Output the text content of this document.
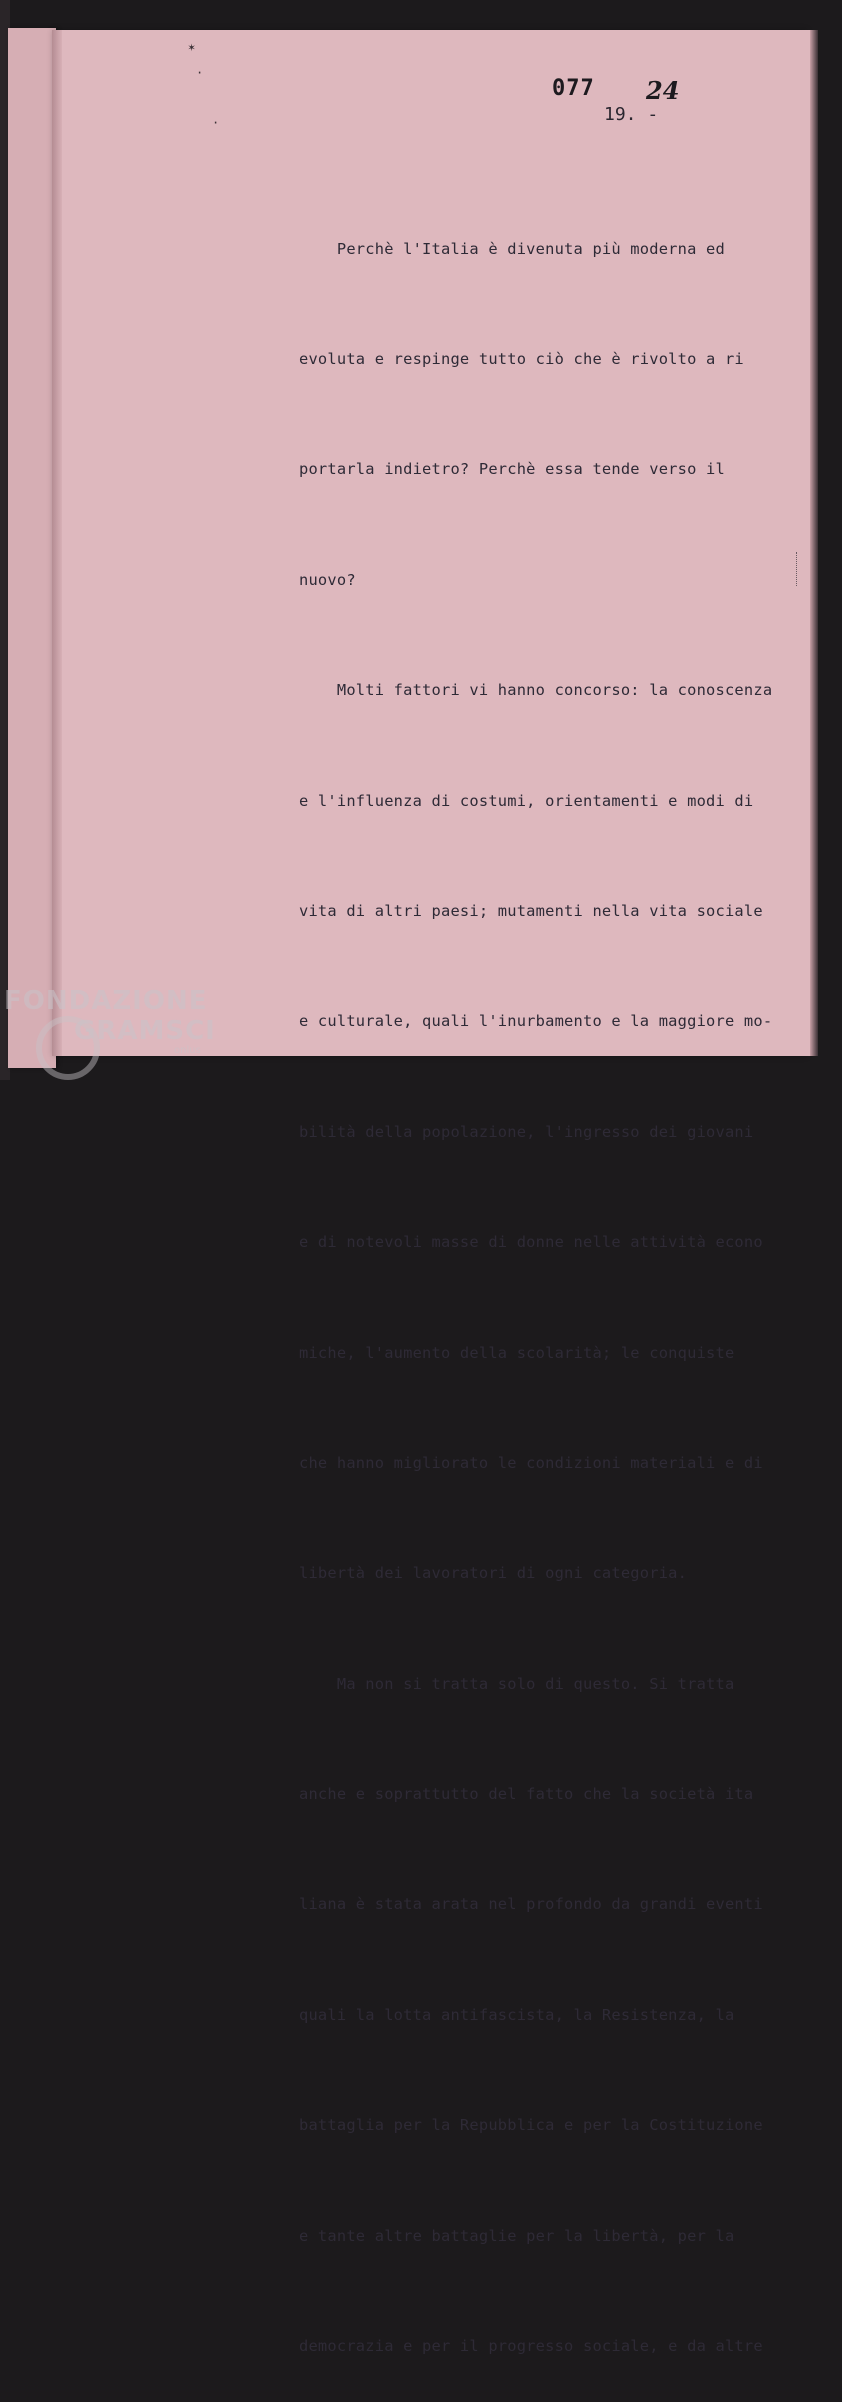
✶
·
·
077 24
19. -

Perchè l'Italia è divenuta più moderna ed

evoluta e respinge tutto ciò che è rivolto a ri

portarla indietro? Perchè essa tende verso il

nuovo?

Molti fattori vi hanno concorso: la conoscenza

e l'influenza di costumi, orientamenti e modi di

vita di altri paesi; mutamenti nella vita sociale

e culturale, quali l'inurbamento e la maggiore mo-

bilità della popolazione, l'ingresso dei giovani

e di notevoli masse di donne nelle attività econo

miche, l'aumento della scolarità; le conquiste

che hanno migliorato le condizioni materiali e di

libertà dei lavoratori di ogni categoria.

Ma non si tratta solo di questo. Si tratta

anche e soprattutto del fatto che la società ita

liana è stata arata nel profondo da grandi eventi

quali la lotta antifascista, la Resistenza, la

battaglia per la Repubblica e per la Costituzione

e tante altre battaglie per la libertà, per la

democrazia e per il progresso sociale, e da altre

FONDAZIONE
GRAMSCI
onlus
